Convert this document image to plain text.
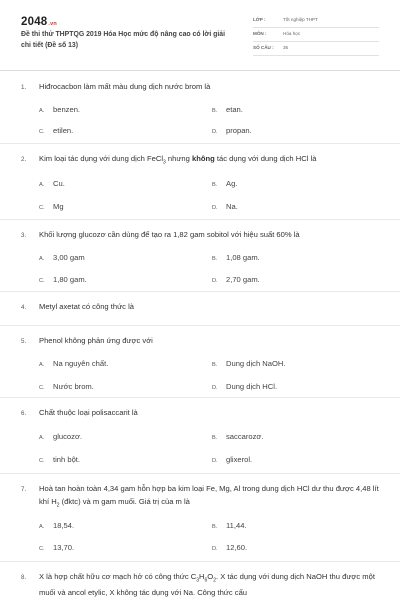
2048.vn
Đề thi thử THPTQG 2019 Hóa Học mức độ nâng cao có lời giải chi tiết (Đề số 13)
LỚP :	Tốt nghiệp THPT
MÔN :	Hóa học
SỐ CÂU : 36
1. Hiđrocacbon làm mất màu dung dịch nước brom là
A. benzen.	B. etan.
C. etilen.	D. propan.
2. Kim loại tác dụng với dung dịch FeCl$_3$ nhưng không tác dụng với dung dịch HCl là
A. Cu.	B. Ag.
C. Mg	D. Na.
3. Khối lượng glucozơ cần dùng để tạo ra 1,82 gam sobitol với hiệu suất 60% là
A. 3,00 gam	B. 1,08 gam.
C. 1,80 gam.	D. 2,70 gam.
4. Metyl axetat có công thức là
5. Phenol không phản ứng được với
A. Na nguyên chất.	B. Dung dịch NaOH.
C. Nước brom.	D. Dung dịch HCl.
6. Chất thuộc loại polisaccarit là
A. glucozơ.	B. saccarozơ.
C. tinh bột.	D. glixerol.
7. Hoà tan hoàn toàn 4,34 gam hỗn hợp ba kim loại Fe, Mg, Al trong dung dịch HCl dư thu được 4,48 lít khí $H_2$ (đktc) và m gam muối. Giá trị của m là
A. 18,54.	B. 11,44.
C. 13,70.	D. 12,60.
8. X là hợp chất hữu cơ mạch hở có công thức $C_3H_6O_2$. X tác dụng với dung dịch NaOH thu được một muối và ancol etylic, X không tác dụng với Na. Công thức cấu
